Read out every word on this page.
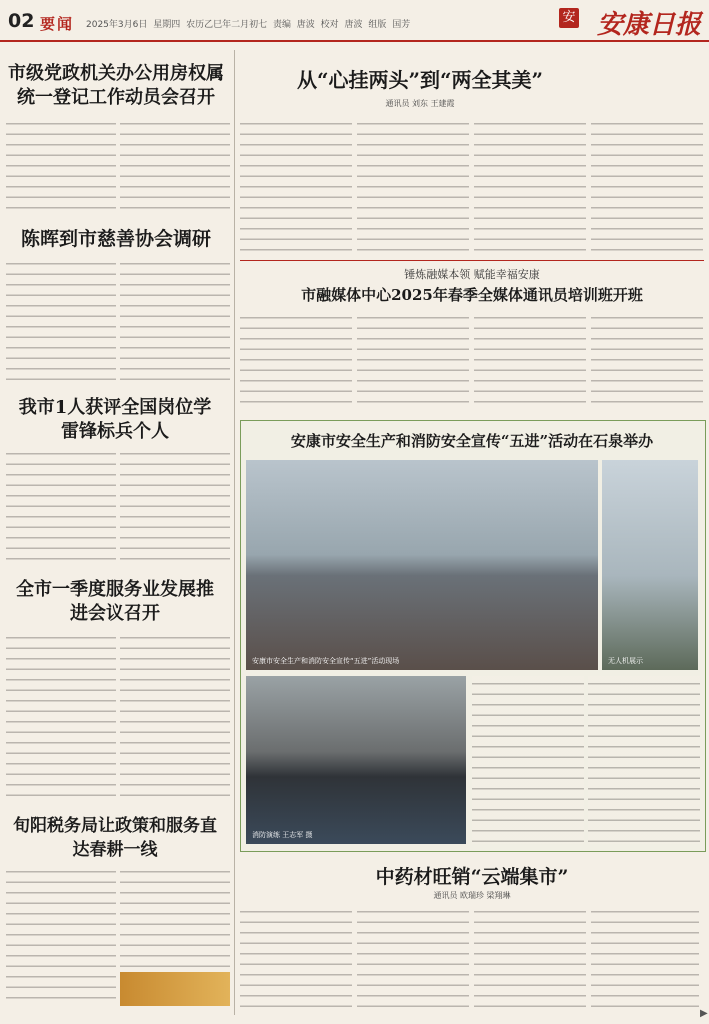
02 要闻 2025年3月6日 星期四 农历乙巳年二月初七 责编 唐波 校对 唐波 组版 国芳	安 安康日报
市级党政机关办公用房权属统一登记工作动员会召开
陈晖到市慈善协会调研
我市1人获评全国岗位学雷锋标兵个人
全市一季度服务业发展推进会议召开
旬阳税务局让政策和服务直达春耕一线
从“心挂两头”到“两全其美”
通讯员 刘东 王建霞
锤炼融媒本领 赋能幸福安康
市融媒体中心2025年春季全媒体通讯员培训班开班
安康市安全生产和消防安全宣传“五进”活动在石泉举办
安康市安全生产和消防安全宣传“五进”活动现场	无人机展示
消防演练 王志军 摄
中药材旺销“云端集市”
通讯员 欧瑞珍 梁翔琳
▶
